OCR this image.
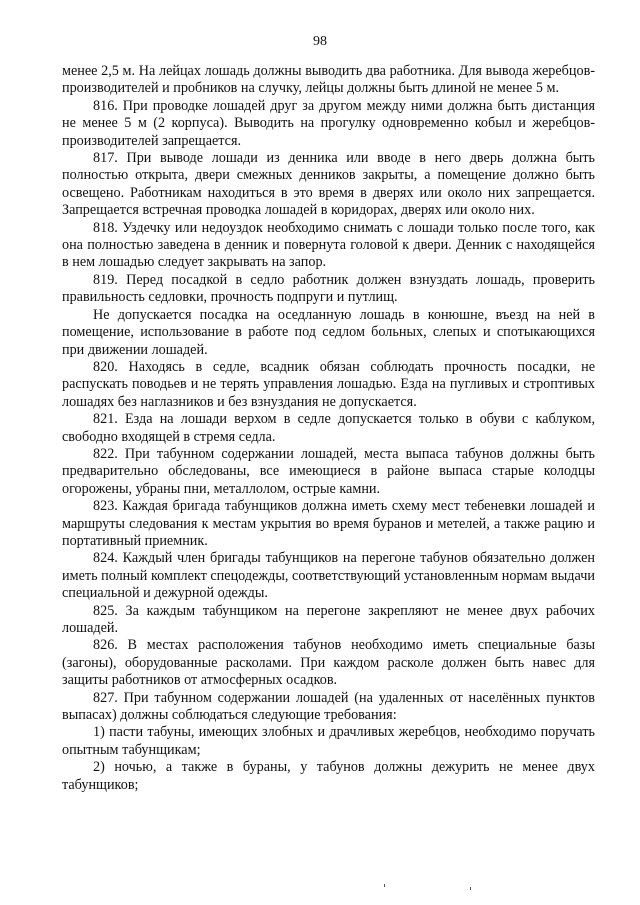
98

менее 2,5 м. На лейцах лошадь должны выводить два работника. Для вывода жеребцов-производителей и пробников на случку, лейцы должны быть длиной не менее 5 м.

816. При проводке лошадей друг за другом между ними должна быть дистанция не менее 5 м (2 корпуса). Выводить на прогулку одновременно кобыл и жеребцов-производителей запрещается.

817. При выводе лошади из денника или вводе в него дверь должна быть полностью открыта, двери смежных денников закрыты, а помещение должно быть освещено. Работникам находиться в это время в дверях или около них запрещается. Запрещается встречная проводка лошадей в коридорах, дверях или около них.

818. Уздечку или недоуздок необходимо снимать с лошади только после того, как она полностью заведена в денник и повернута головой к двери. Денник с находящейся в нем лошадью следует закрывать на запор.

819. Перед посадкой в седло работник должен взнуздать лошадь, проверить правильность седловки, прочность подпруги и путлищ.

Не допускается посадка на оседланную лошадь в конюшне, въезд на ней в помещение, использование в работе под седлом больных, слепых и спотыкающихся при движении лошадей.

820. Находясь в седле, всадник обязан соблюдать прочность посадки, не распускать поводьев и не терять управления лошадью. Езда на пугливых и строптивых лошадях без наглазников и без взнуздания не допускается.

821. Езда на лошади верхом в седле допускается только в обуви с каблуком, свободно входящей в стремя седла.

822. При табунном содержании лошадей, места выпаса табунов должны быть предварительно обследованы, все имеющиеся в районе выпаса старые колодцы огорожены, убраны пни, металлолом, острые камни.

823. Каждая бригада табунщиков должна иметь схему мест тебеневки лошадей и маршруты следования к местам укрытия во время буранов и метелей, а также рацию и портативный приемник.

824. Каждый член бригады табунщиков на перегоне табунов обязательно должен иметь полный комплект спецодежды, соответствующий установленным нормам выдачи специальной и дежурной одежды.

825. За каждым табунщиком на перегоне закрепляют не менее двух рабочих лошадей.

826. В местах расположения табунов необходимо иметь специальные базы (загоны), оборудованные расколами. При каждом расколе должен быть навес для защиты работников от атмосферных осадков.

827. При табунном содержании лошадей (на удаленных от населённых пунктов выпасах) должны соблюдаться следующие требования:

1) пасти табуны, имеющих злобных и драчливых жеребцов, необходимо поручать опытным табунщикам;

2) ночью, а также в бураны, у табунов должны дежурить не менее двух табунщиков;
